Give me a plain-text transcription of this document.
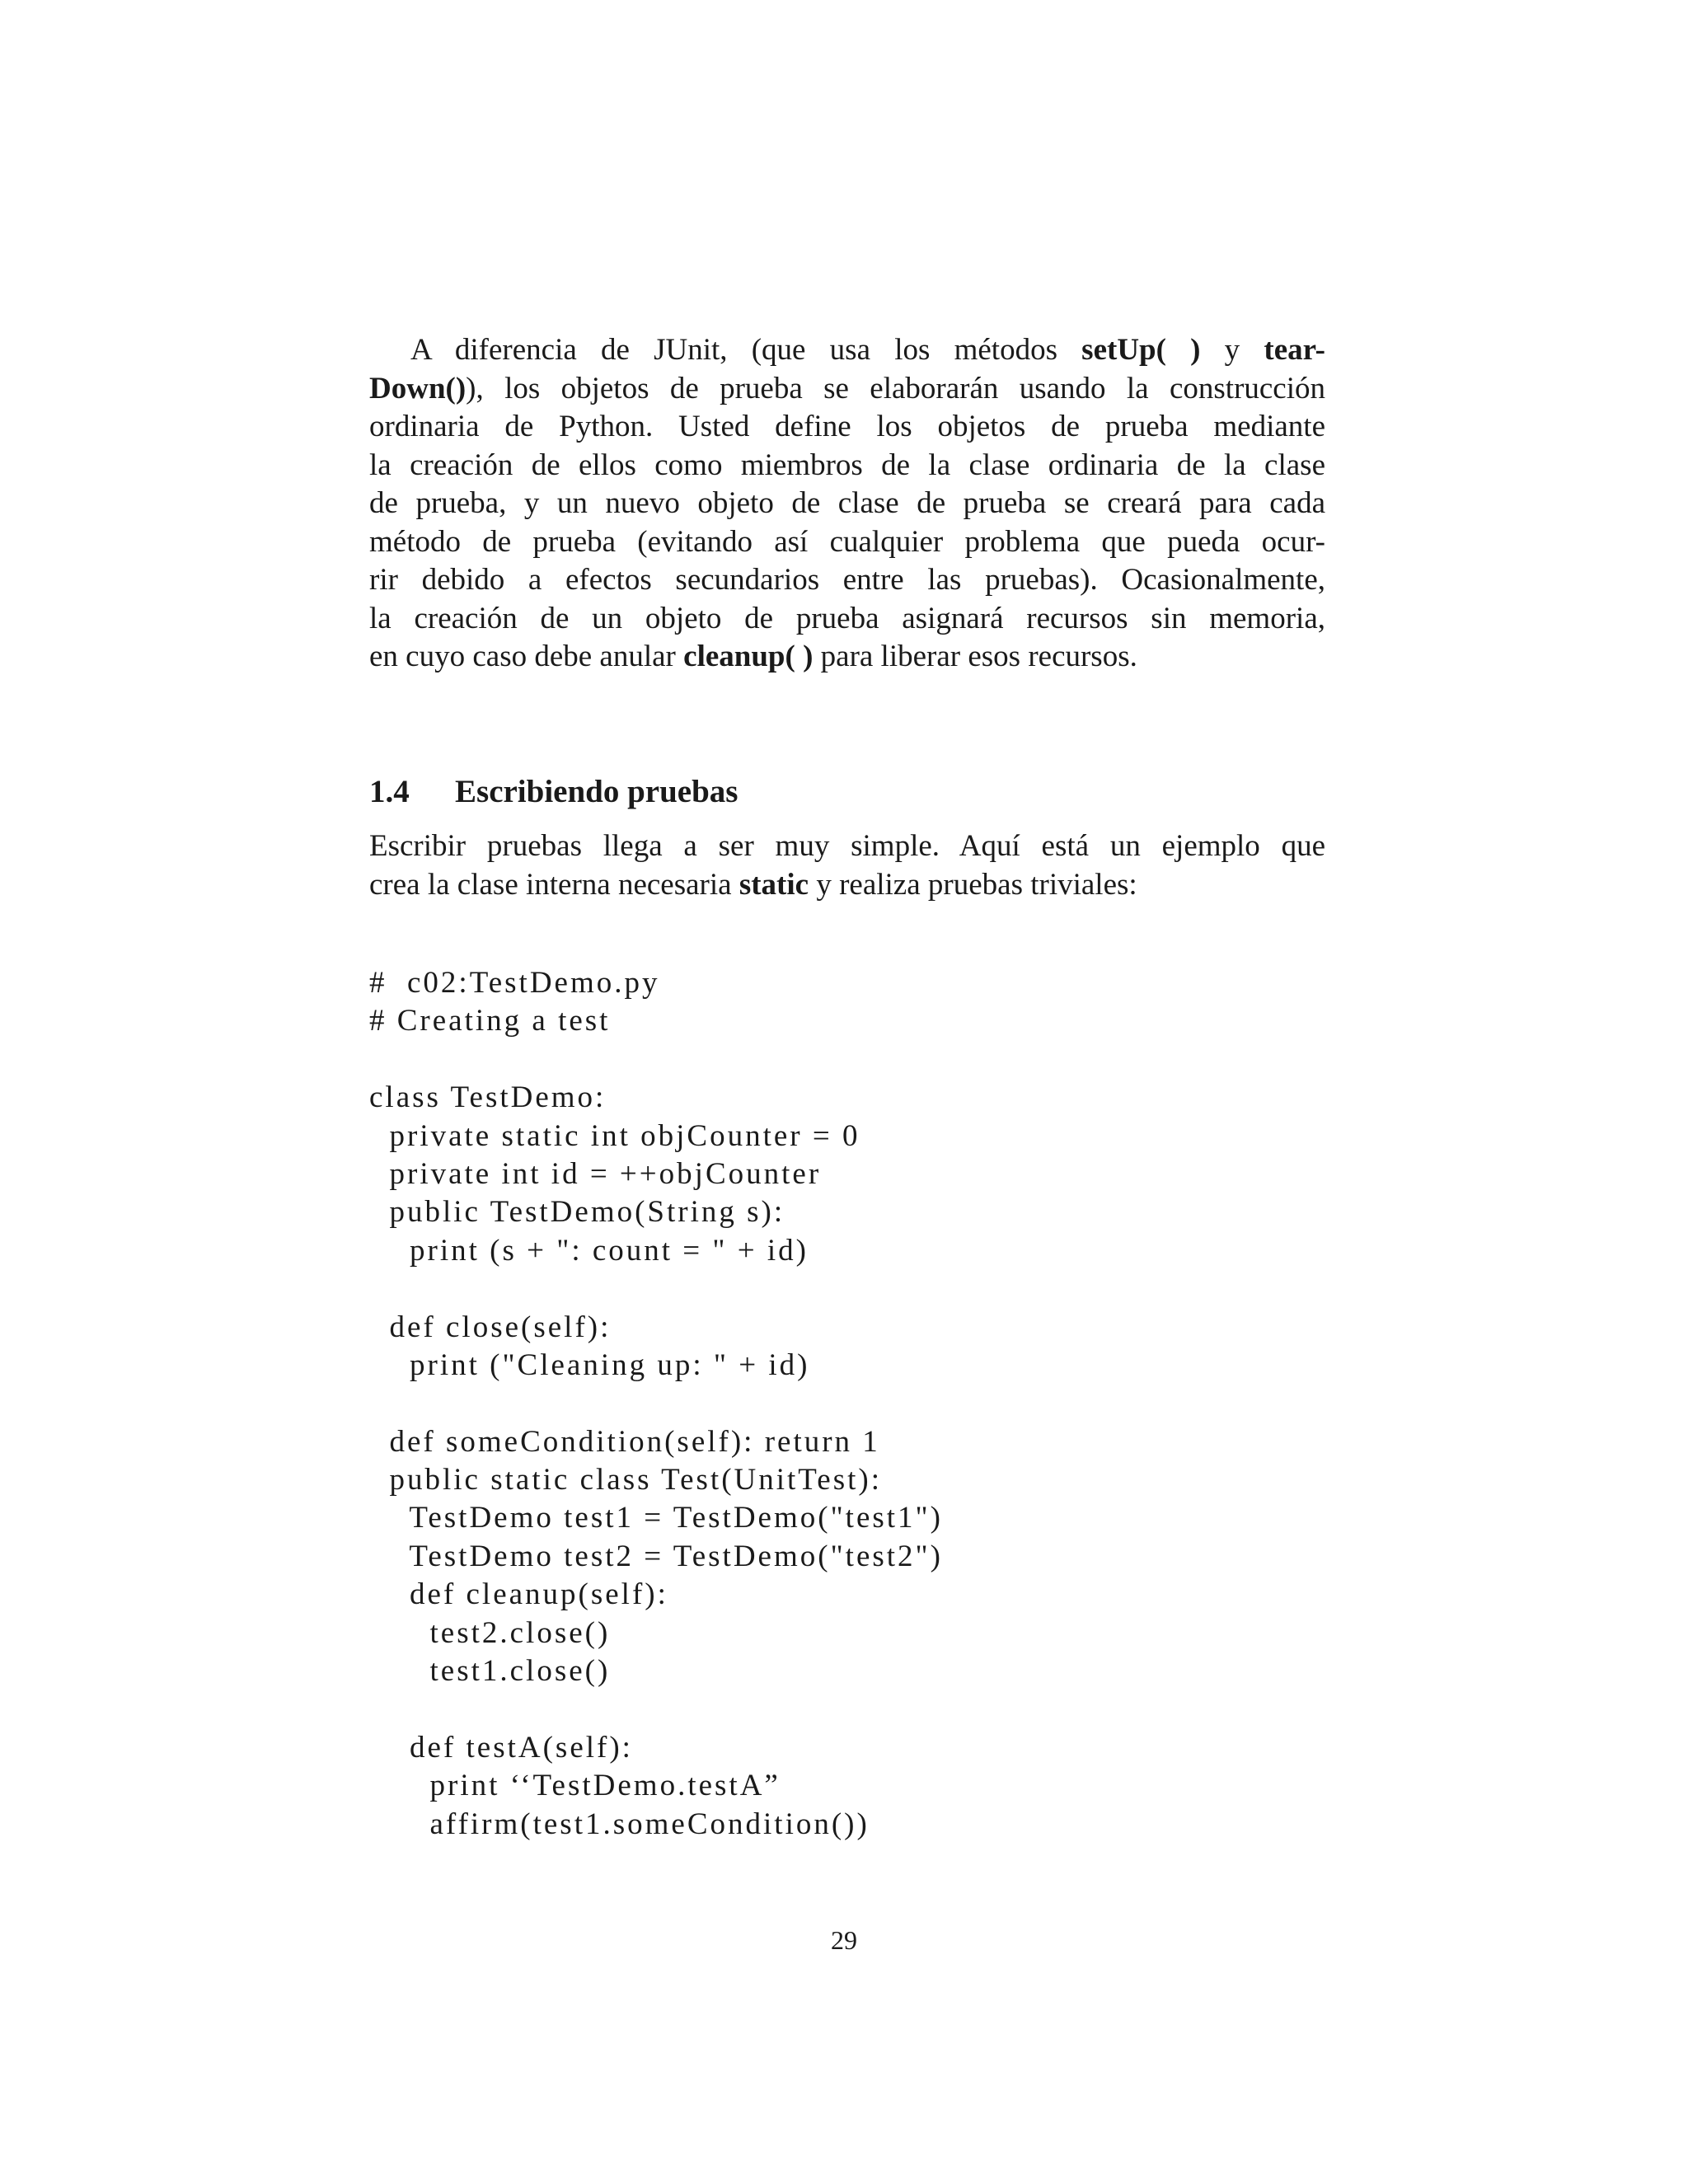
A diferencia de JUnit, (que usa los métodos setUp( ) y tear-
Down()), los objetos de prueba se elaborarán usando la construcción
ordinaria de Python. Usted define los objetos de prueba mediante
la creación de ellos como miembros de la clase ordinaria de la clase
de prueba, y un nuevo objeto de clase de prueba se creará para cada
método de prueba (evitando así cualquier problema que pueda ocur-
rir debido a efectos secundarios entre las pruebas). Ocasionalmente,
la creación de un objeto de prueba asignará recursos sin memoria,
en cuyo caso debe anular cleanup( ) para liberar esos recursos.
1.4 Escribiendo pruebas
Escribir pruebas llega a ser muy simple. Aquí está un ejemplo que
crea la clase interna necesaria static y realiza pruebas triviales:
#  c02:TestDemo.py
# Creating a test
class TestDemo:
private static int objCounter = 0
private int id = ++objCounter
public TestDemo(String s):
print (s + ": count = " + id)
def close(self):
print ("Cleaning up: " + id)
def someCondition(self): return 1
public static class Test(UnitTest):
TestDemo test1 = TestDemo("test1")
TestDemo test2 = TestDemo("test2")
def cleanup(self):
test2.close()
test1.close()
def testA(self):
print ‘‘TestDemo.testA”
affirm(test1.someCondition())
29
